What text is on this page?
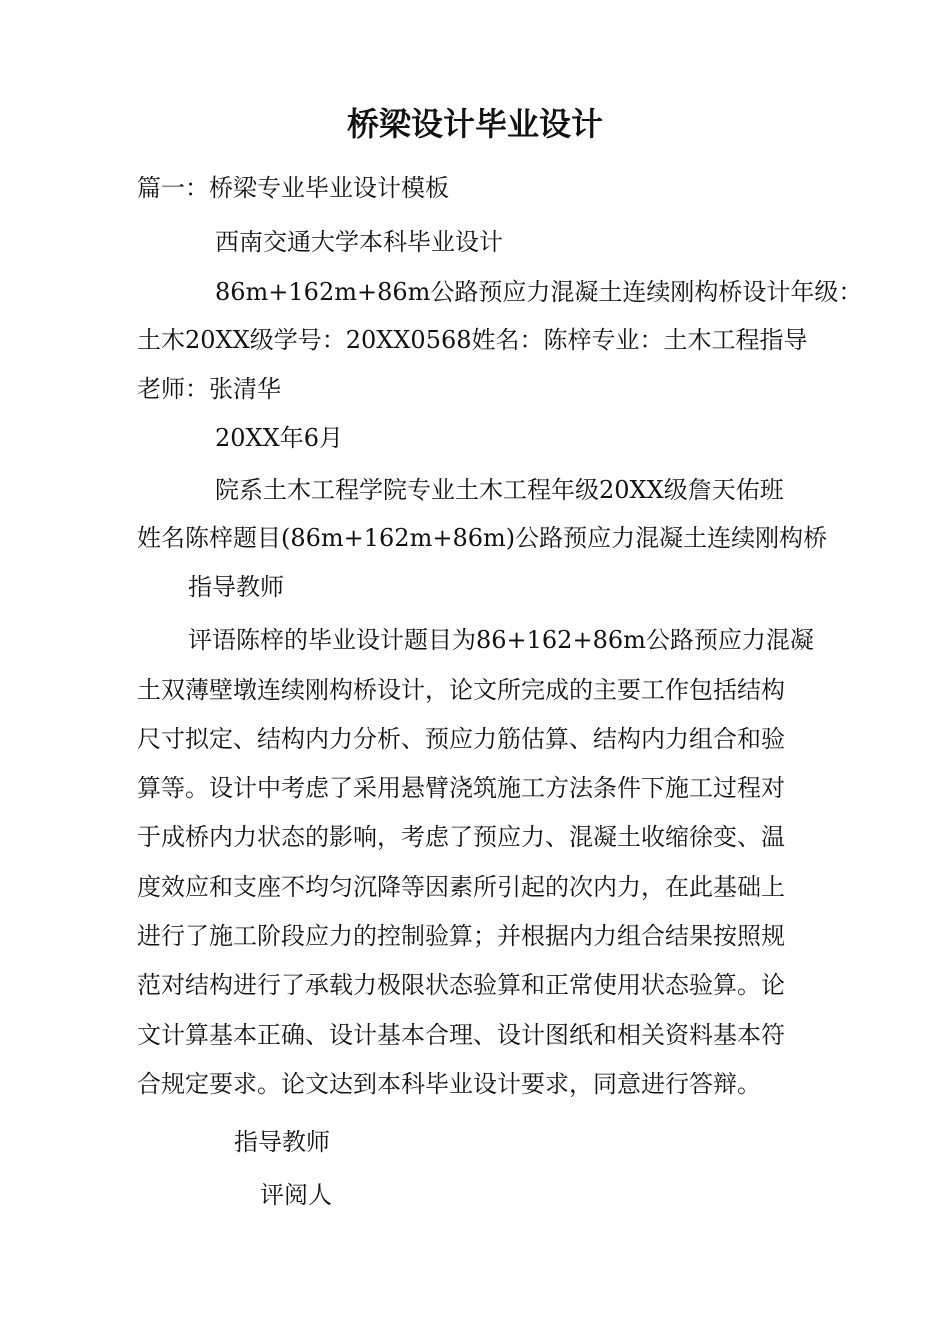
桥梁设计毕业设计
篇一：桥梁专业毕业设计模板
西南交通大学本科毕业设计
86m+162m+86m公路预应力混凝土连续刚构桥设计年级：
土木20XX级学号：20XX0568姓名：陈梓专业：土木工程指导
老师：张清华
20XX年6月
院系土木工程学院专业土木工程年级20XX级詹天佑班
姓名陈梓题目(86m+162m+86m)公路预应力混凝土连续刚构桥
指导教师
评语陈梓的毕业设计题目为86+162+86m公路预应力混凝
土双薄壁墩连续刚构桥设计，论文所完成的主要工作包括结构
尺寸拟定、结构内力分析、预应力筋估算、结构内力组合和验
算等。设计中考虑了采用悬臂浇筑施工方法条件下施工过程对
于成桥内力状态的影响，考虑了预应力、混凝土收缩徐变、温
度效应和支座不均匀沉降等因素所引起的次内力，在此基础上
进行了施工阶段应力的控制验算；并根据内力组合结果按照规
范对结构进行了承载力极限状态验算和正常使用状态验算。论
文计算基本正确、设计基本合理、设计图纸和相关资料基本符
合规定要求。论文达到本科毕业设计要求，同意进行答辩。
指导教师
评阅人
